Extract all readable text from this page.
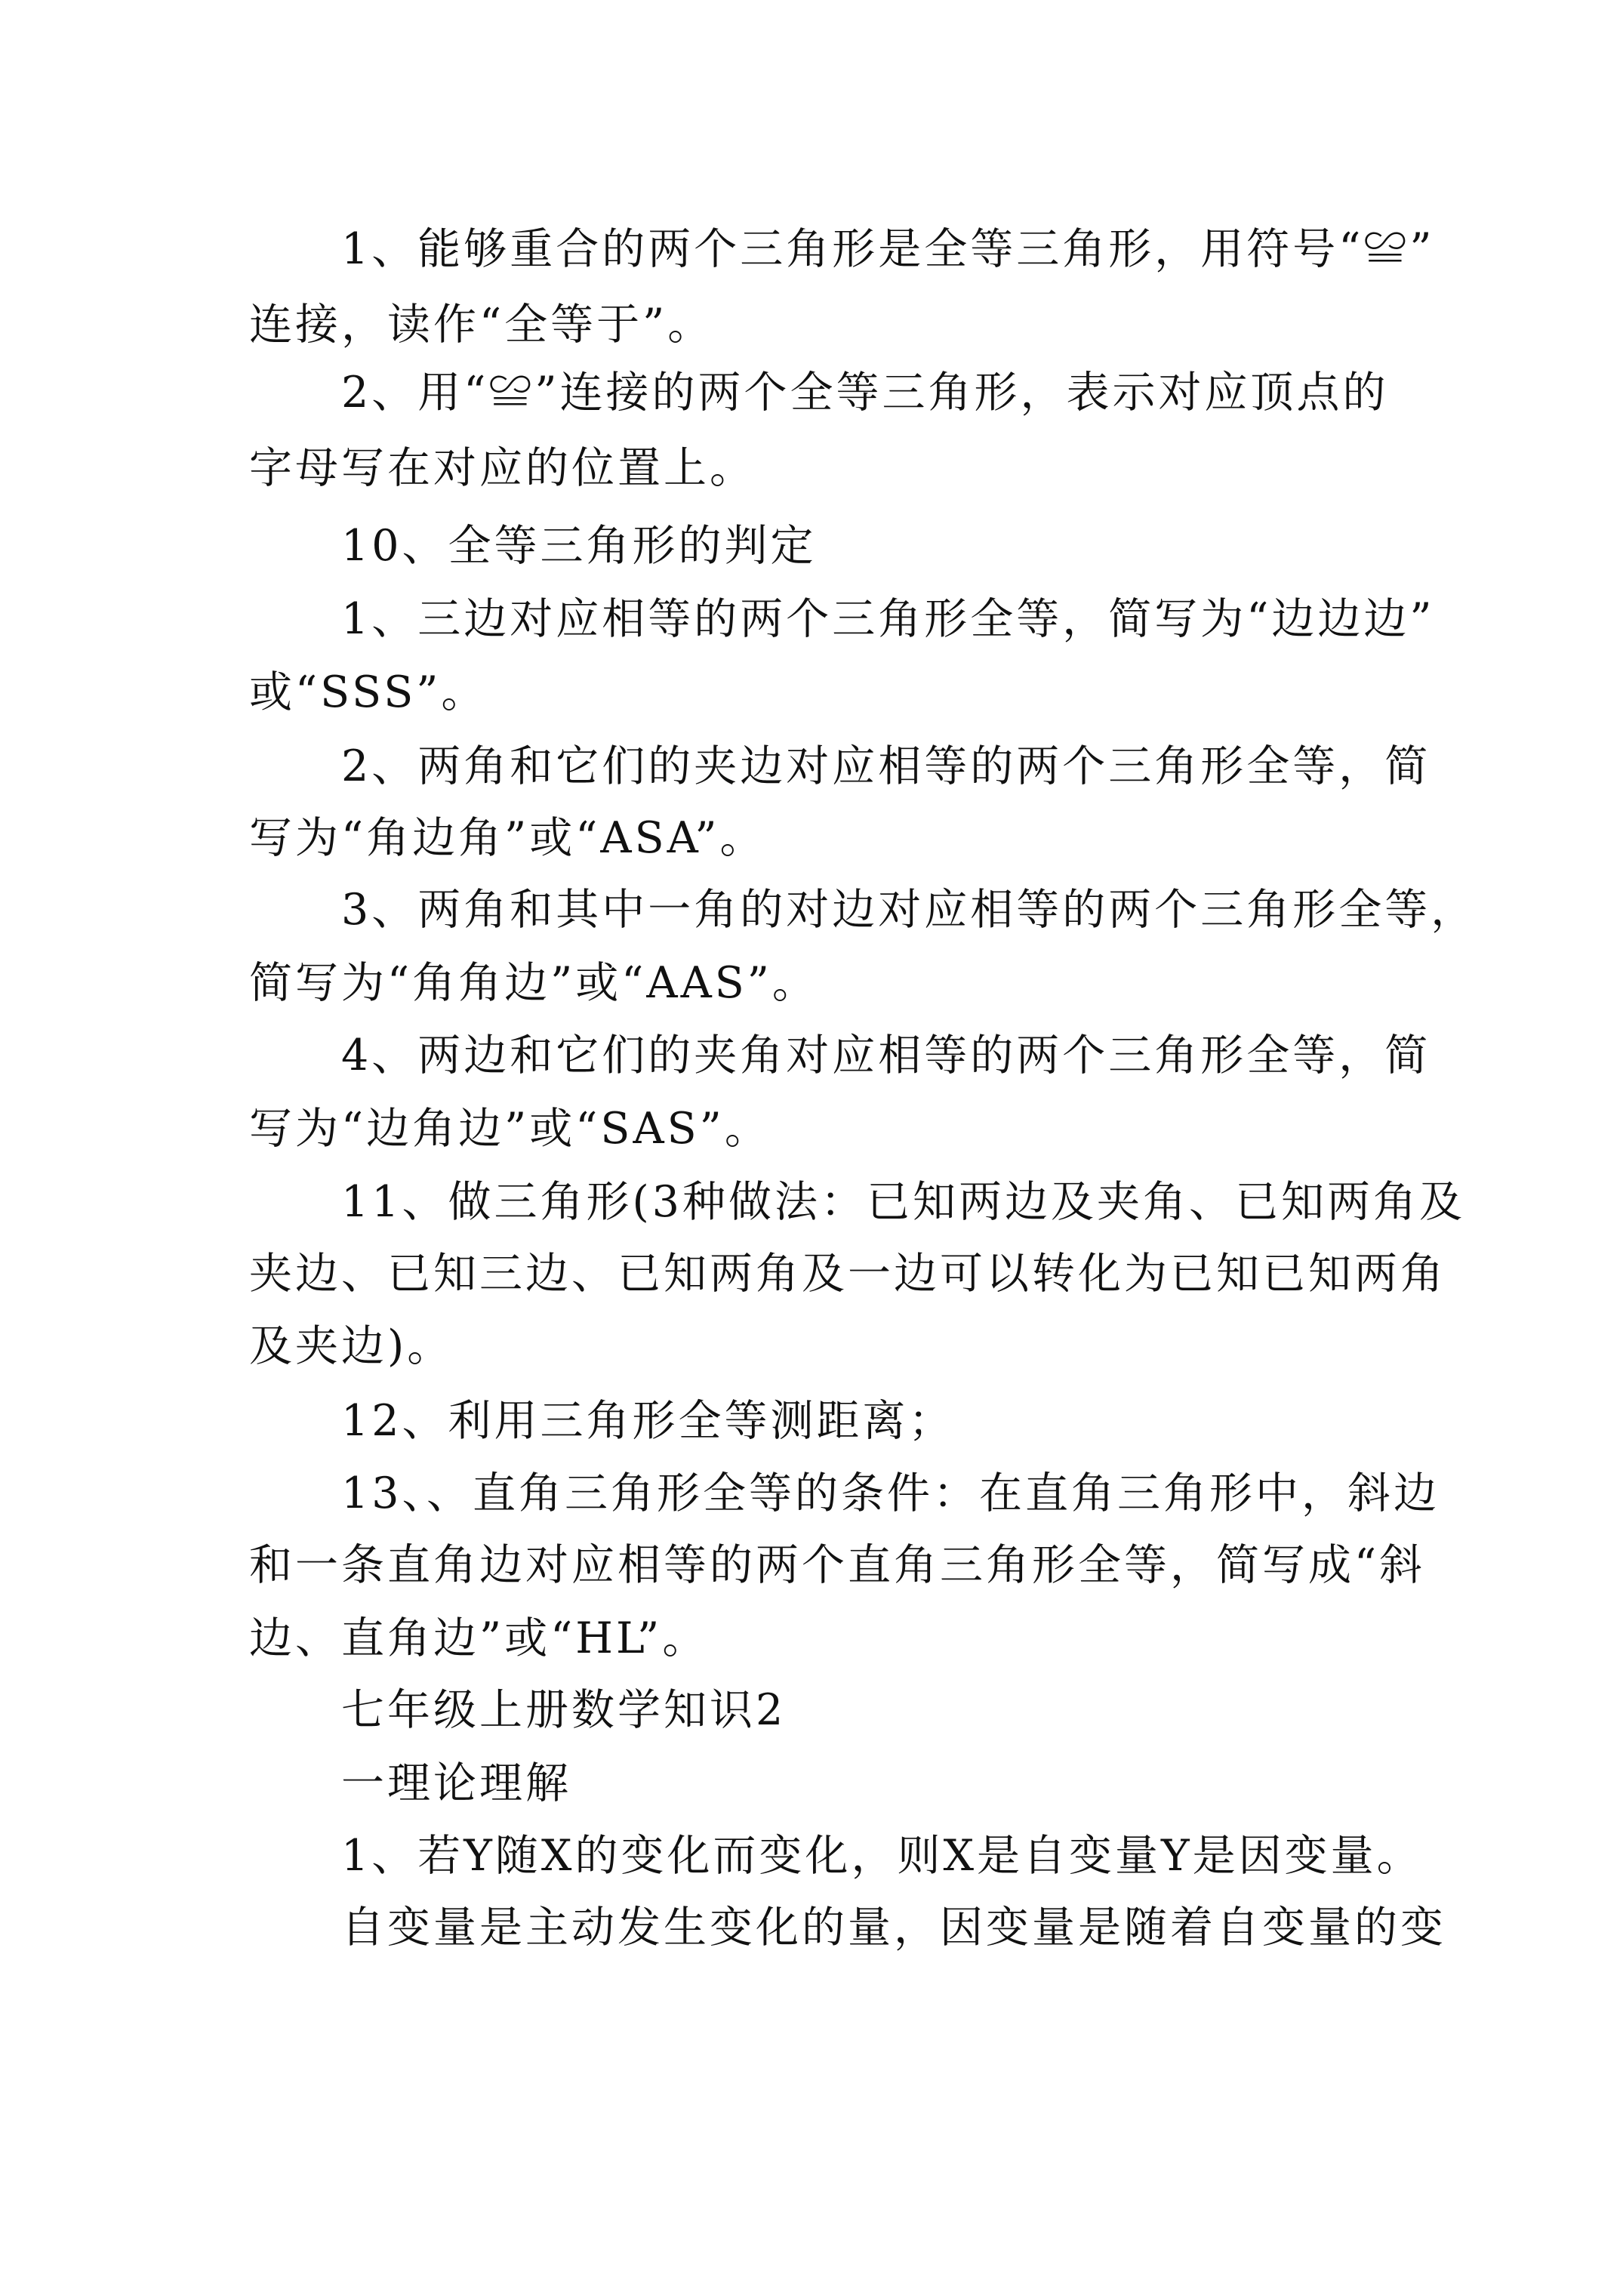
1、能够重合的两个三角形是全等三角形，用符号“≌”

连接，读作“全等于”。

2、用“≌”连接的两个全等三角形，表示对应顶点的

字母写在对应的位置上。

10、全等三角形的判定

1、三边对应相等的两个三角形全等，简写为“边边边”

或“SSS”。

2、两角和它们的夹边对应相等的两个三角形全等，简

写为“角边角”或“ASA”。

3、两角和其中一角的对边对应相等的两个三角形全等，

简写为“角角边”或“AAS”。

4、两边和它们的夹角对应相等的两个三角形全等，简

写为“边角边”或“SAS”。

11、做三角形(3种做法：已知两边及夹角、已知两角及

夹边、已知三边、已知两角及一边可以转化为已知已知两角

及夹边)。

12、利用三角形全等测距离；

13、、直角三角形全等的条件：在直角三角形中，斜边

和一条直角边对应相等的两个直角三角形全等，简写成“斜

边、直角边”或“HL”。

七年级上册数学知识2

一理论理解

1、若Y随X的变化而变化，则X是自变量Y是因变量。

自变量是主动发生变化的量，因变量是随着自变量的变
